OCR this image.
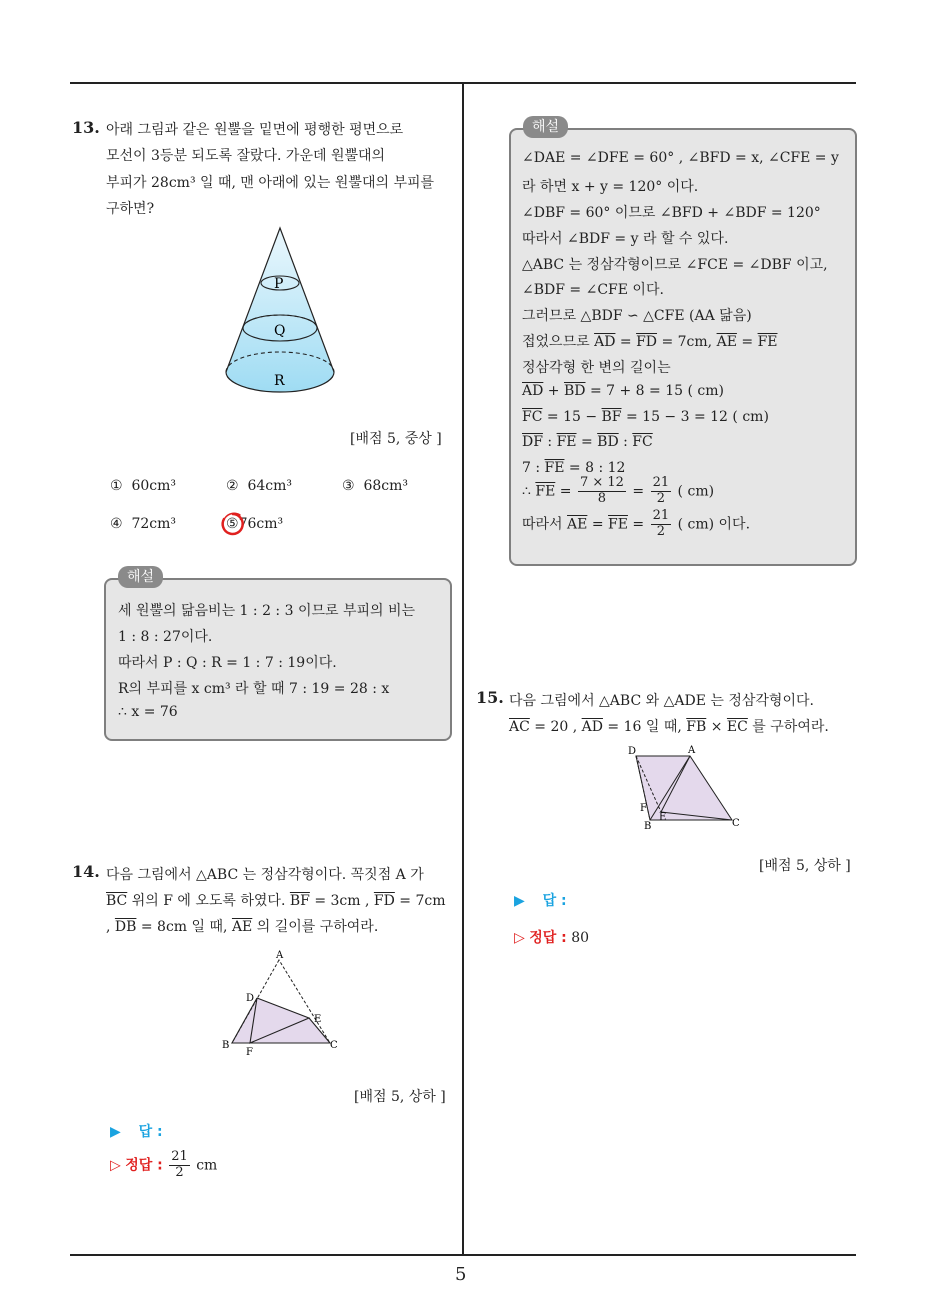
5
13. 아래 그림과 같은 원뿔을 밑면에 평행한 평면으로
모선이 3등분 되도록 잘랐다. 가운데 원뿔대의
부피가 28cm³ 일 때, 맨 아래에 있는 원뿔대의 부피를
구하면?
P
Q
R
[배점 5, 중상 ]
① 60cm³	② 64cm³	③ 68cm³
④ 72cm³	⑤76cm³
해설
세 원뿔의 닮음비는 1 : 2 : 3 이므로 부피의 비는
1 : 8 : 27이다.
따라서 P : Q : R = 1 : 7 : 19이다.
R의 부피를 x cm³ 라 할 때 7 : 19 = 28 : x
∴ x = 76
14. 다음 그림에서 △ABC 는 정삼각형이다. 꼭짓점 A 가
$\overline{BC}$ 위의 F 에 오도록 하였다. $\overline{BF} = 3cm$ , $\overline{FD} = 7cm$
, $\overline{DB} = 8cm$ 일 때, $\overline{AE}$ 의 길이를 구하여라.
A
D
E
B
F
C
[배점 5, 상하 ]
▶ 답 :
▷ 정답 : $\frac{21}{2}$ cm
해설
∠DAE = ∠DFE = 60° , ∠BFD = x, ∠CFE = y
라 하면 x + y = 120° 이다.
∠DBF = 60° 이므로 ∠BFD + ∠BDF = 120°
따라서 ∠BDF = y 라 할 수 있다.
△ABC 는 정삼각형이므로 ∠FCE = ∠DBF 이고,
∠BDF = ∠CFE 이다.
그러므로 △BDF ∽ △CFE (AA 닮음)
접었으므로 $\overline{AD} = \overline{FD} = 7cm$, $\overline{AE} = \overline{FE}$
정삼각형 한 변의 길이는
$\overline{AD} + \overline{BD} = 7 + 8 = 15$ ( cm)
$\overline{FC} = 15 - \overline{BF} = 15 - 3 = 12$ ( cm)
$\overline{DF}$ : $\overline{FE} = \overline{BD}$ : $\overline{FC}$
7 : $\overline{FE} = 8$ : 12
∴ $\overline{FE} = \frac{7 \times 12}{8} = \frac{21}{2}$ ( cm)
따라서 $\overline{AE} = \overline{FE} = \frac{21}{2}$ ( cm) 이다.
15. 다음 그림에서 △ABC 와 △ADE 는 정삼각형이다.
$\overline{AC} = 20$ , $\overline{AD} = 16$ 일 때, $\overline{FB} \times \overline{EC}$ 를 구하여라.
D	A
F
E
B	C
[배점 5, 상하 ]
▶ 답 :
▷ 정답 : 80
